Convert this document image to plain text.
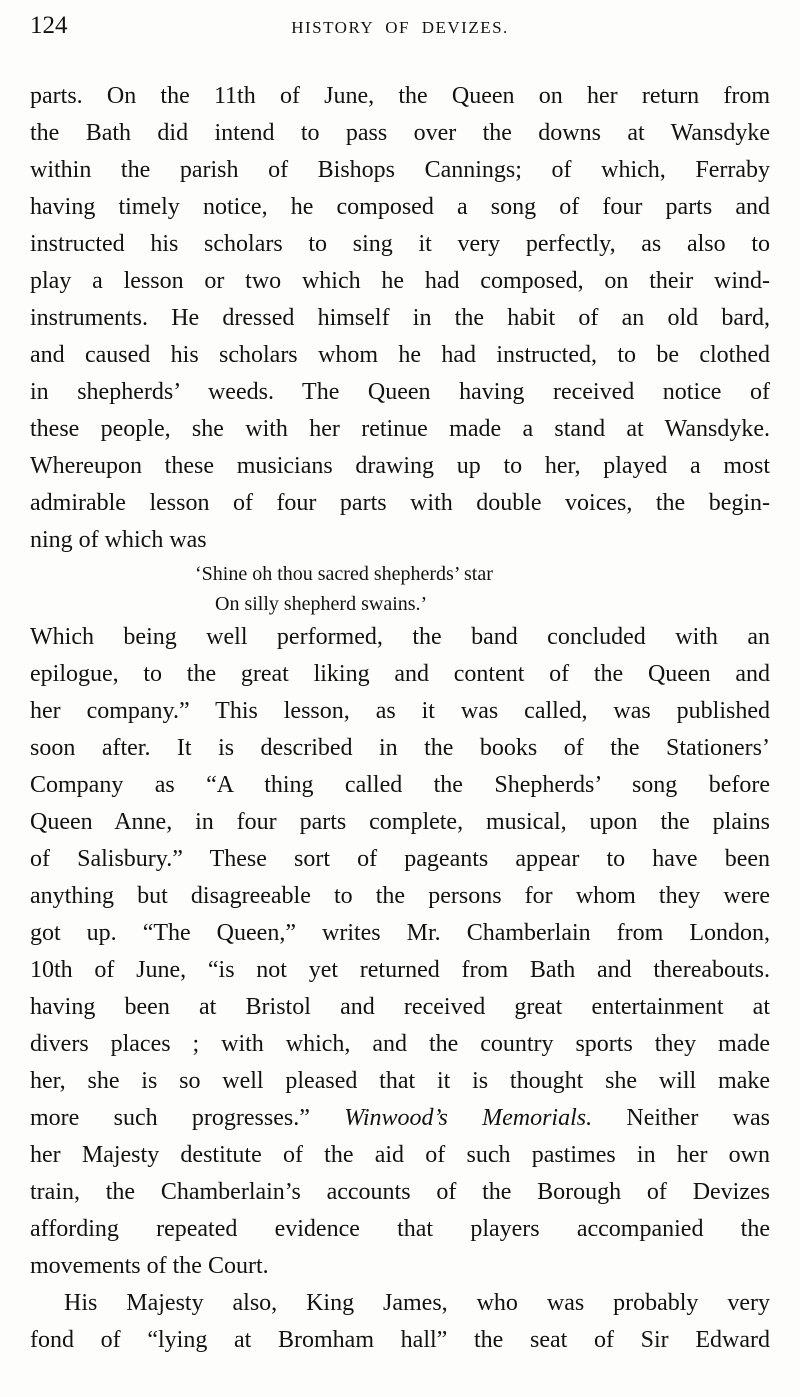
124	HISTORY OF DEVIZES.
parts. On the 11th of June, the Queen on her return from
the Bath did intend to pass over the downs at Wansdyke
within the parish of Bishops Cannings; of which, Ferraby
having timely notice, he composed a song of four parts and
instructed his scholars to sing it very perfectly, as also to
play a lesson or two which he had composed, on their wind-
instruments. He dressed himself in the habit of an old bard,
and caused his scholars whom he had instructed, to be clothed
in shepherds’ weeds. The Queen having received notice of
these people, she with her retinue made a stand at Wansdyke.
Whereupon these musicians drawing up to her, played a most
admirable lesson of four parts with double voices, the begin-
ning of which was
‘Shine oh thou sacred shepherds’ star
On silly shepherd swains.’
Which being well performed, the band concluded with an
epilogue, to the great liking and content of the Queen and
her company.” This lesson, as it was called, was published
soon after. It is described in the books of the Stationers’
Company as “A thing called the Shepherds’ song before
Queen Anne, in four parts complete, musical, upon the plains
of Salisbury.” These sort of pageants appear to have been
anything but disagreeable to the persons for whom they were
got up. “The Queen,” writes Mr. Chamberlain from London,
10th of June, “is not yet returned from Bath and thereabouts.
having been at Bristol and received great entertainment at
divers places ; with which, and the country sports they made
her, she is so well pleased that it is thought she will make
more such progresses.” Winwood’s Memorials. Neither was
her Majesty destitute of the aid of such pastimes in her own
train, the Chamberlain’s accounts of the Borough of Devizes
affording repeated evidence that players accompanied the
movements of the Court.
His Majesty also, King James, who was probably very
fond of “lying at Bromham hall” the seat of Sir Edward
